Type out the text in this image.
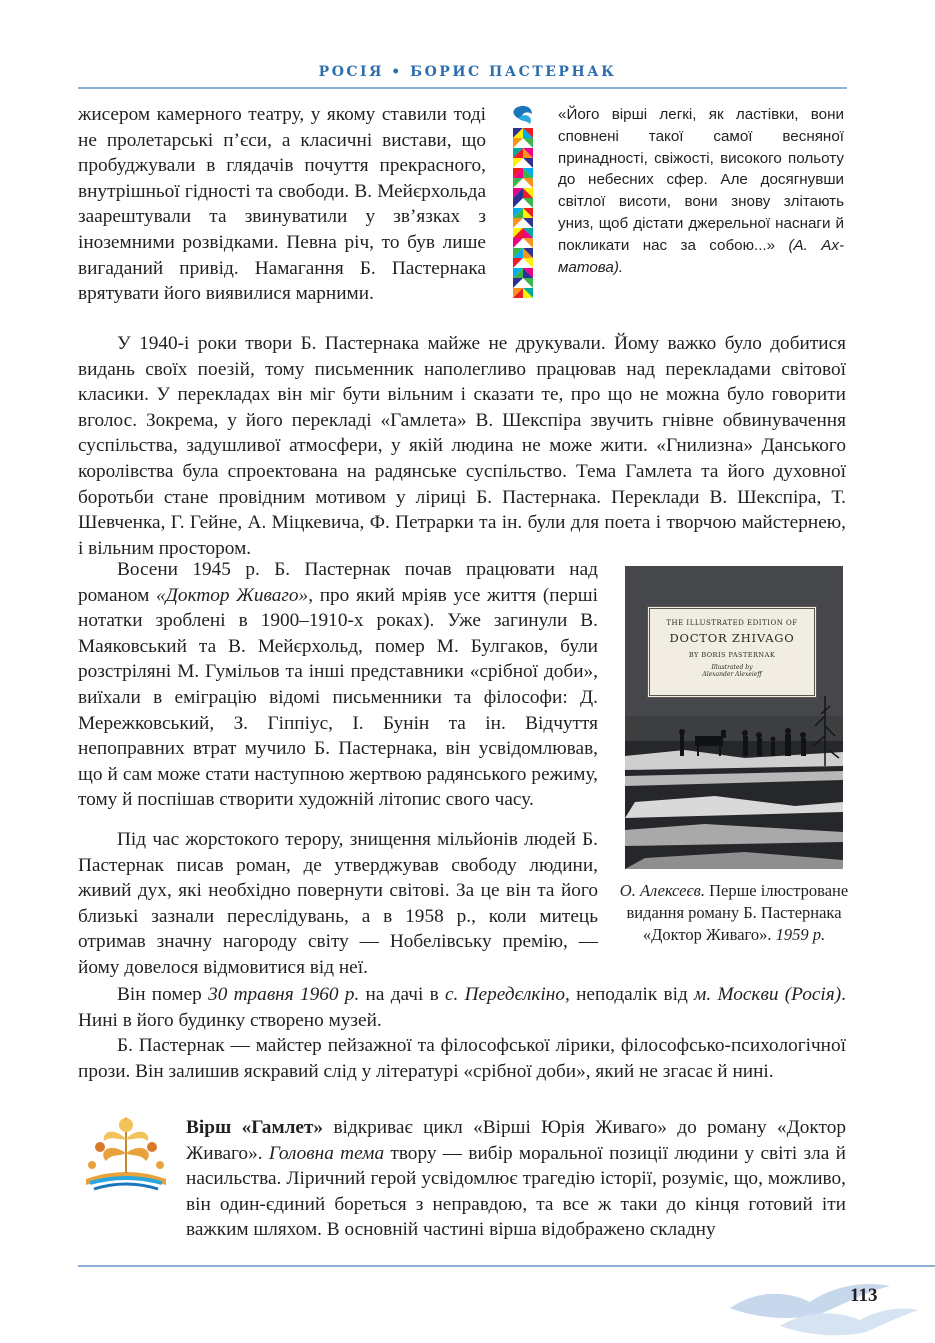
РОСІЯ • БОРИС ПАСТЕРНАК

жисером камерного театру, у якому ставили тоді не пролетарські п’єси, а класичні вистави, що пробуджували в глядачів почуття прекрасного, внутрішньої гідності та свободи. В. Мейєрхольда заарештували та звинуватили у зв’язках з іноземними розвідками. Певна річ, то був лише вигаданий привід. Намагання Б. Пастернака врятувати його виявилися марними.

«Його вірші легкі, як ластівки, вони сповнені такої самої весняної принадності, свіжості, високого польоту до небесних сфер. Але досягнувши світлої висоти, вони знову злітають униз, щоб дістати джерельної наснаги й покликати нас за собою...» (А. Ахматова).

У 1940-і роки твори Б. Пастернака майже не друкували. Йому важко було добитися видань своїх поезій, тому письменник наполегливо працював над перекладами світової класики. У перекладах він міг бути вільним і сказати те, про що не можна було говорити вголос. Зокрема, у його перекладі «Гамлета» В. Шекспіра звучить гнівне обвинувачення суспільства, задушливої атмосфери, у якій людина не може жити. «Гнилизна» Данського королівства була спроектована на радянське суспільство. Тема Гамлета та його духовної боротьби стане провідним мотивом у ліриці Б. Пастернака. Переклади В. Шекспіра, Т. Шевченка, Г. Гейне, А. Міцкевича, Ф. Петрарки та ін. були для поета і творчою майстернею, і вільним простором.

Восени 1945 р. Б. Пастернак почав працювати над романом «Доктор Живаго», про який мріяв усе життя (перші нотатки зроблені в 1900–1910-х роках). Уже загинули В. Маяковський та В. Мейєрхольд, помер М. Булгаков, були розстріляні М. Гумільов та інші представники «срібної доби», виїхали в еміграцію відомі письменники та філософи: Д. Мережковський, З. Гіппіус, І. Бунін та ін. Відчуття непоправних втрат мучило Б. Пастернака, він усвідомлював, що й сам може стати наступною жертвою радянського режиму, тому й поспішав створити художній літопис свого часу.

Під час жорстокого терору, знищення мільйонів людей Б. Пастернак писав роман, де утверджував свободу людини, живий дух, які необхідно повернути світові. За це він та його близькі зазнали переслідувань, а в 1958 р., коли митець отримав значну нагороду світу — Нобелівську премію, — йому довелося відмовитися від неї.

THE ILLUSTRATED EDITION OF
DOCTOR ZHIVAGO
BY BORIS PASTERNAK
Illustrated by
Alexander Alexeieff
О. Алексеєв. Перше ілюстроване видання роману Б. Пастернака «Доктор Живаго». 1959 р.

Він помер 30 травня 1960 р. на дачі в с. Передєлкіно, неподалік від м. Москви (Росія). Нині в його будинку створено музей.

Б. Пастернак — майстер пейзажної та філософської лірики, філософсько-психологічної прози. Він залишив яскравий слід у літературі «срібної доби», який не згасає й нині.

Вірш «Гамлет» відкриває цикл «Вірші Юрія Живаго» до роману «Доктор Живаго». Головна тема твору — вибір моральної позиції людини у світі зла й насильства. Ліричний герой усвідомлює трагедію історії, розуміє, що, можливо, він один-єдиний бореться з неправдою, та все ж таки до кінця готовий іти важким шляхом. В основній частині вірша відображено складну

113
